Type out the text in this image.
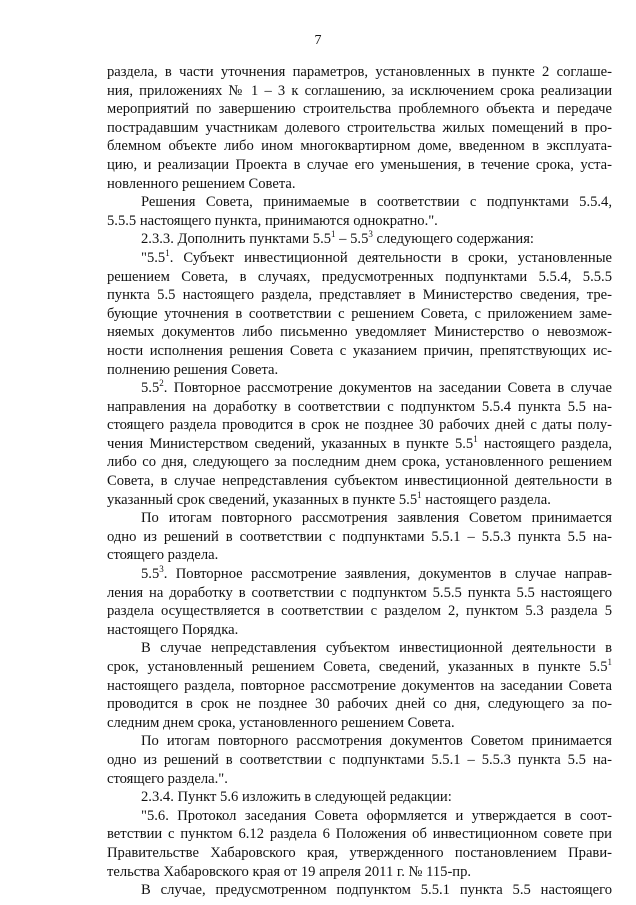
7
раздела, в части уточнения параметров, установленных в пункте 2 соглаше-
ния, приложениях № 1 – 3 к соглашению, за исключением срока реализации
мероприятий по завершению строительства проблемного объекта и передаче
пострадавшим участникам долевого строительства жилых помещений в про-
блемном объекте либо ином многоквартирном доме, введенном в эксплуата-
цию, и реализации Проекта в случае его уменьшения, в течение срока, уста-
новленного решением Совета.
Решения Совета, принимаемые в соответствии с подпунктами 5.5.4,
5.5.5 настоящего пункта, принимаются однократно.".
2.3.3. Дополнить пунктами $5.5^1 - 5.5^3$ следующего содержания:
"$5.5^1$. Субъект инвестиционной деятельности в сроки, установленные
решением Совета, в случаях, предусмотренных подпунктами 5.5.4, 5.5.5
пункта 5.5 настоящего раздела, представляет в Министерство сведения, тре-
бующие уточнения в соответствии с решением Совета, с приложением заме-
няемых документов либо письменно уведомляет Министерство о невозмож-
ности исполнения решения Совета с указанием причин, препятствующих ис-
полнению решения Совета.
$5.5^2$. Повторное рассмотрение документов на заседании Совета в случае
направления на доработку в соответствии с подпунктом 5.5.4 пункта 5.5 на-
стоящего раздела проводится в срок не позднее 30 рабочих дней с даты полу-
чения Министерством сведений, указанных в пункте $5.5^1$ настоящего раздела,
либо со дня, следующего за последним днем срока, установленного решением
Совета, в случае непредставления субъектом инвестиционной деятельности в
указанный срок сведений, указанных в пункте $5.5^1$ настоящего раздела.
По итогам повторного рассмотрения заявления Советом принимается
одно из решений в соответствии с подпунктами 5.5.1 – 5.5.3 пункта 5.5 на-
стоящего раздела.
$5.5^3$. Повторное рассмотрение заявления, документов в случае направ-
ления на доработку в соответствии с подпунктом 5.5.5 пункта 5.5 настоящего
раздела осуществляется в соответствии с разделом 2, пунктом 5.3 раздела 5
настоящего Порядка.
В случае непредставления субъектом инвестиционной деятельности в
срок, установленный решением Совета, сведений, указанных в пункте $5.5^1$
настоящего раздела, повторное рассмотрение документов на заседании Совета
проводится в срок не позднее 30 рабочих дней со дня, следующего за по-
следним днем срока, установленного решением Совета.
По итогам повторного рассмотрения документов Советом принимается
одно из решений в соответствии с подпунктами 5.5.1 – 5.5.3 пункта 5.5 на-
стоящего раздела.".
2.3.4. Пункт 5.6 изложить в следующей редакции:
"5.6. Протокол заседания Совета оформляется и утверждается в соот-
ветствии с пунктом 6.12 раздела 6 Положения об инвестиционном совете при
Правительстве Хабаровского края, утвержденного постановлением Прави-
тельства Хабаровского края от 19 апреля 2011 г. № 115-пр.
В случае, предусмотренном подпунктом 5.5.1 пункта 5.5 настоящего
